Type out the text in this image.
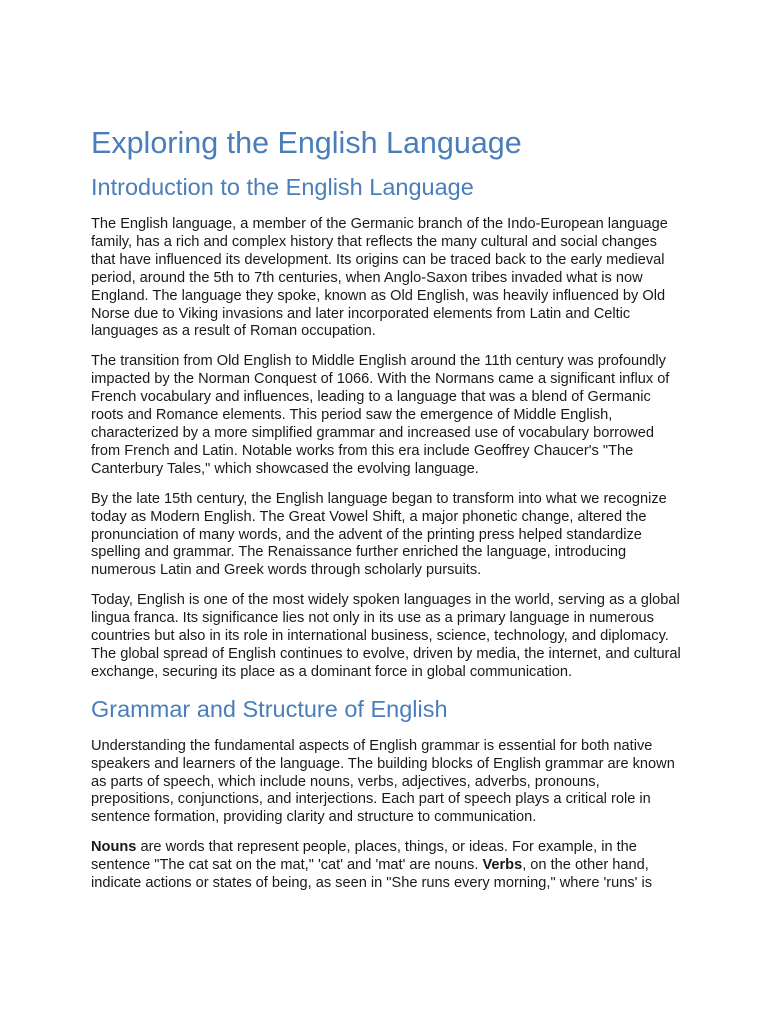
Exploring the English Language
Introduction to the English Language

The English language, a member of the Germanic branch of the Indo-European language family, has a rich and complex history that reflects the many cultural and social changes that have influenced its development. Its origins can be traced back to the early medieval period, around the 5th to 7th centuries, when Anglo-Saxon tribes invaded what is now England. The language they spoke, known as Old English, was heavily influenced by Old Norse due to Viking invasions and later incorporated elements from Latin and Celtic languages as a result of Roman occupation.

The transition from Old English to Middle English around the 11th century was profoundly impacted by the Norman Conquest of 1066. With the Normans came a significant influx of French vocabulary and influences, leading to a language that was a blend of Germanic roots and Romance elements. This period saw the emergence of Middle English, characterized by a more simplified grammar and increased use of vocabulary borrowed from French and Latin. Notable works from this era include Geoffrey Chaucer's "The Canterbury Tales," which showcased the evolving language.

By the late 15th century, the English language began to transform into what we recognize today as Modern English. The Great Vowel Shift, a major phonetic change, altered the pronunciation of many words, and the advent of the printing press helped standardize spelling and grammar. The Renaissance further enriched the language, introducing numerous Latin and Greek words through scholarly pursuits.

Today, English is one of the most widely spoken languages in the world, serving as a global lingua franca. Its significance lies not only in its use as a primary language in numerous countries but also in its role in international business, science, technology, and diplomacy. The global spread of English continues to evolve, driven by media, the internet, and cultural exchange, securing its place as a dominant force in global communication.

Grammar and Structure of English

Understanding the fundamental aspects of English grammar is essential for both native speakers and learners of the language. The building blocks of English grammar are known as parts of speech, which include nouns, verbs, adjectives, adverbs, pronouns, prepositions, conjunctions, and interjections. Each part of speech plays a critical role in sentence formation, providing clarity and structure to communication.

Nouns are words that represent people, places, things, or ideas. For example, in the sentence "The cat sat on the mat," 'cat' and 'mat' are nouns. Verbs, on the other hand, indicate actions or states of being, as seen in "She runs every morning," where 'runs' is
